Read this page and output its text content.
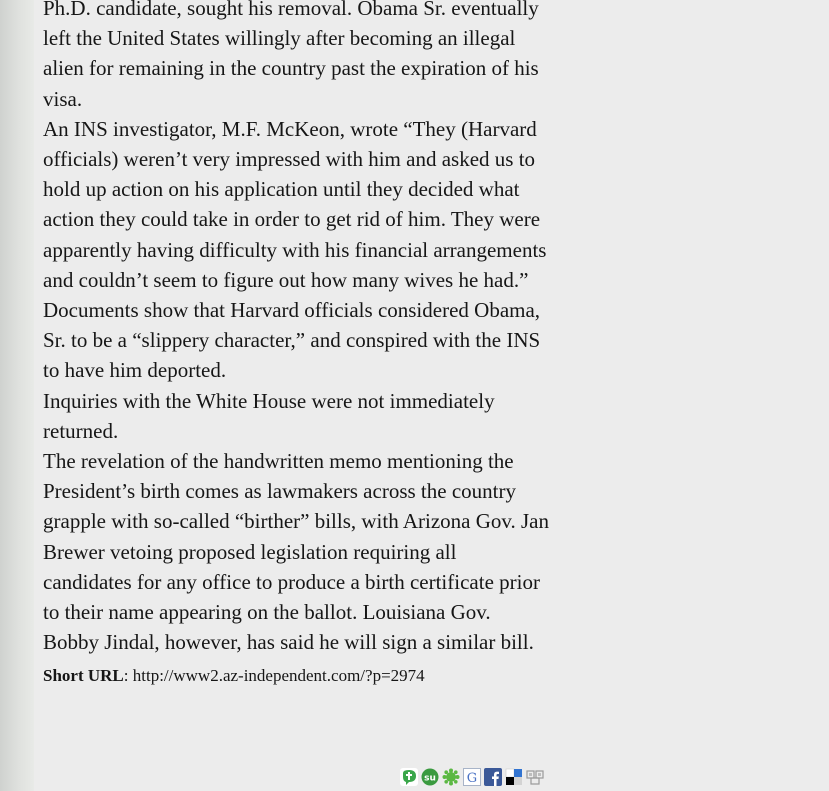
Ph.D. candidate, sought his removal. Obama Sr. eventually left the United States willingly after becoming an illegal alien for remaining in the country past the expiration of his visa.

An INS investigator, M.F. McKeon, wrote “They (Harvard officials) weren’t very impressed with him and asked us to hold up action on his application until they decided what action they could take in order to get rid of him. They were apparently having difficulty with his financial arrangements and couldn’t seem to figure out how many wives he had.”

Documents show that Harvard officials considered Obama, Sr. to be a “slippery character,” and conspired with the INS to have him deported.

Inquiries with the White House were not immediately returned.

The revelation of the handwritten memo mentioning the President’s birth comes as lawmakers across the country grapple with so-called “birther” bills, with Arizona Gov. Jan Brewer vetoing proposed legislation requiring all candidates for any office to produce a birth certificate prior to their name appearing on the ballot. Louisiana Gov. Bobby Jindal, however, has said he will sign a similar bill.

Short URL: http://www2.az-independent.com/?p=2974

su G
